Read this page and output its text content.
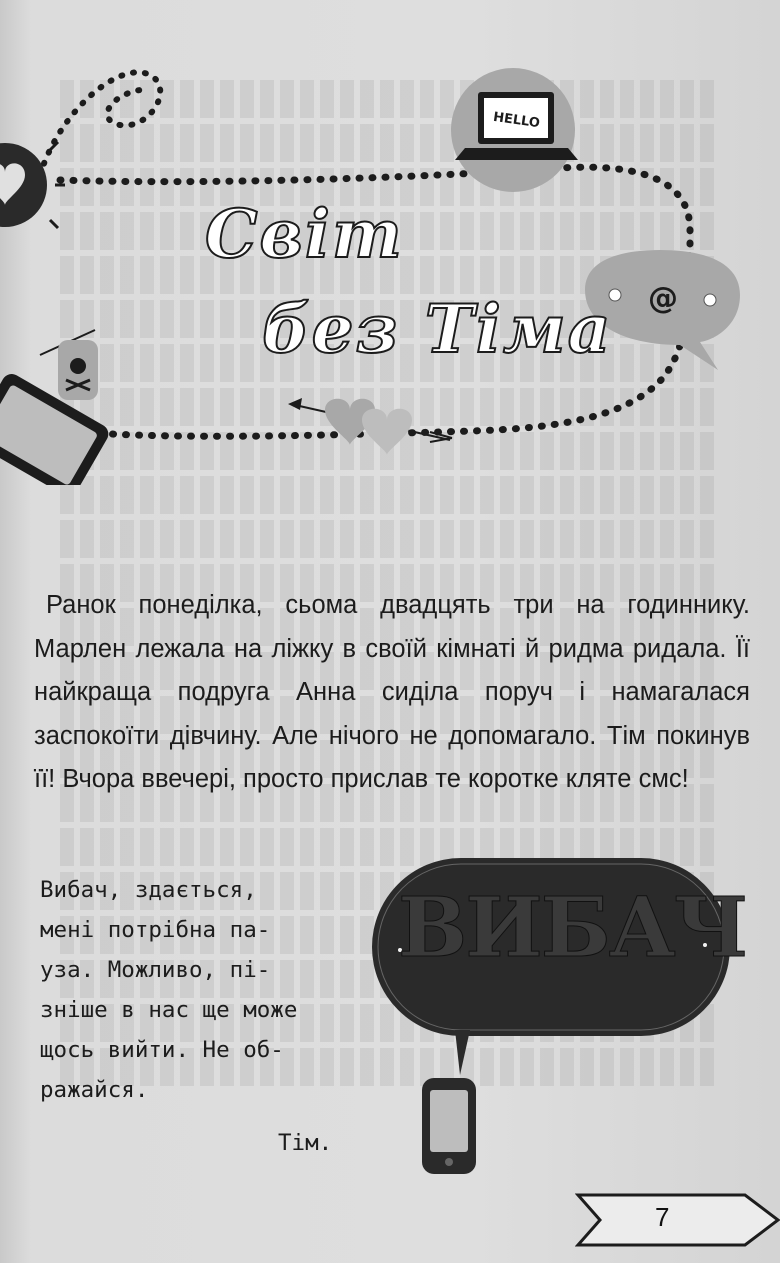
HELLO
@
Світ
без Тіма

Ранок понеділка, сьома двадцять три на годиннику. Марлен лежала на ліжку в своїй кімнаті й ридма ридала. Її найкраща подруга Анна сиділа поруч і намагалася заспокоїти дівчину. Але нічого не допомагало. Тім покинув її! Вчора ввечері, просто прислав те коротке кляте смс!

Вибач, здається,
мені потрібна па-
уза. Можливо, пі-
зніше в нас ще може
щось вийти. Не об-
ражайся.
Тім.
ВИБАЧ
7
